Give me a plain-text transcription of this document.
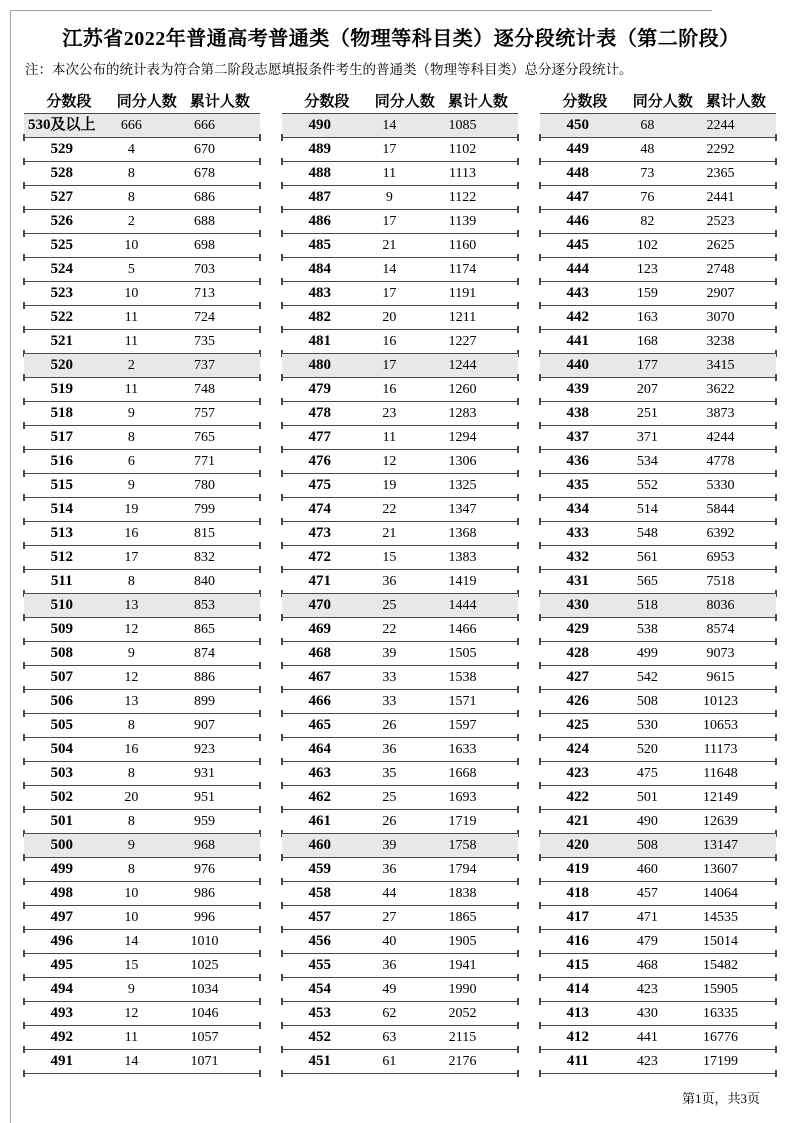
江苏省2022年普通高考普通类（物理等科目类）逐分段统计表（第二阶段）

注：本次公布的统计表为符合第二阶段志愿填报条件考生的普通类（物理等科目类）总分逐分段统计。

分数段	同分人数 累计人数
530及以上	666	666
529	4	670
528	8	678
527	8	686
526	2	688
525	10	698
524	5	703
523	10	713
522	11	724
521	11	735
520	2	737
519	11	748
518	9	757
517	8	765
516	6	771
515	9	780
514	19	799
513	16	815
512	17	832
511	8	840
510	13	853
509	12	865
508	9	874
507	12	886
506	13	899
505	8	907
504	16	923
503	8	931
502	20	951
501	8	959
500	9	968
499	8	976
498	10	986
497	10	996
496	14	1010
495	15	1025
494	9	1034
493	12	1046
492	11	1057
491	14	1071
分数段	同分人数 累计人数
490	14	1085
489	17	1102
488	11	1113
487	9	1122
486	17	1139
485	21	1160
484	14	1174
483	17	1191
482	20	1211
481	16	1227
480	17	1244
479	16	1260
478	23	1283
477	11	1294
476	12	1306
475	19	1325
474	22	1347
473	21	1368
472	15	1383
471	36	1419
470	25	1444
469	22	1466
468	39	1505
467	33	1538
466	33	1571
465	26	1597
464	36	1633
463	35	1668
462	25	1693
461	26	1719
460	39	1758
459	36	1794
458	44	1838
457	27	1865
456	40	1905
455	36	1941
454	49	1990
453	62	2052
452	63	2115
451	61	2176
分数段	同分人数 累计人数
450	68	2244
449	48	2292
448	73	2365
447	76	2441
446	82	2523
445	102	2625
444	123	2748
443	159	2907
442	163	3070
441	168	3238
440	177	3415
439	207	3622
438	251	3873
437	371	4244
436	534	4778
435	552	5330
434	514	5844
433	548	6392
432	561	6953
431	565	7518
430	518	8036
429	538	8574
428	499	9073
427	542	9615
426	508	10123
425	530	10653
424	520	11173
423	475	11648
422	501	12149
421	490	12639
420	508	13147
419	460	13607
418	457	14064
417	471	14535
416	479	15014
415	468	15482
414	423	15905
413	430	16335
412	441	16776
411	423	17199
第1页，共3页
